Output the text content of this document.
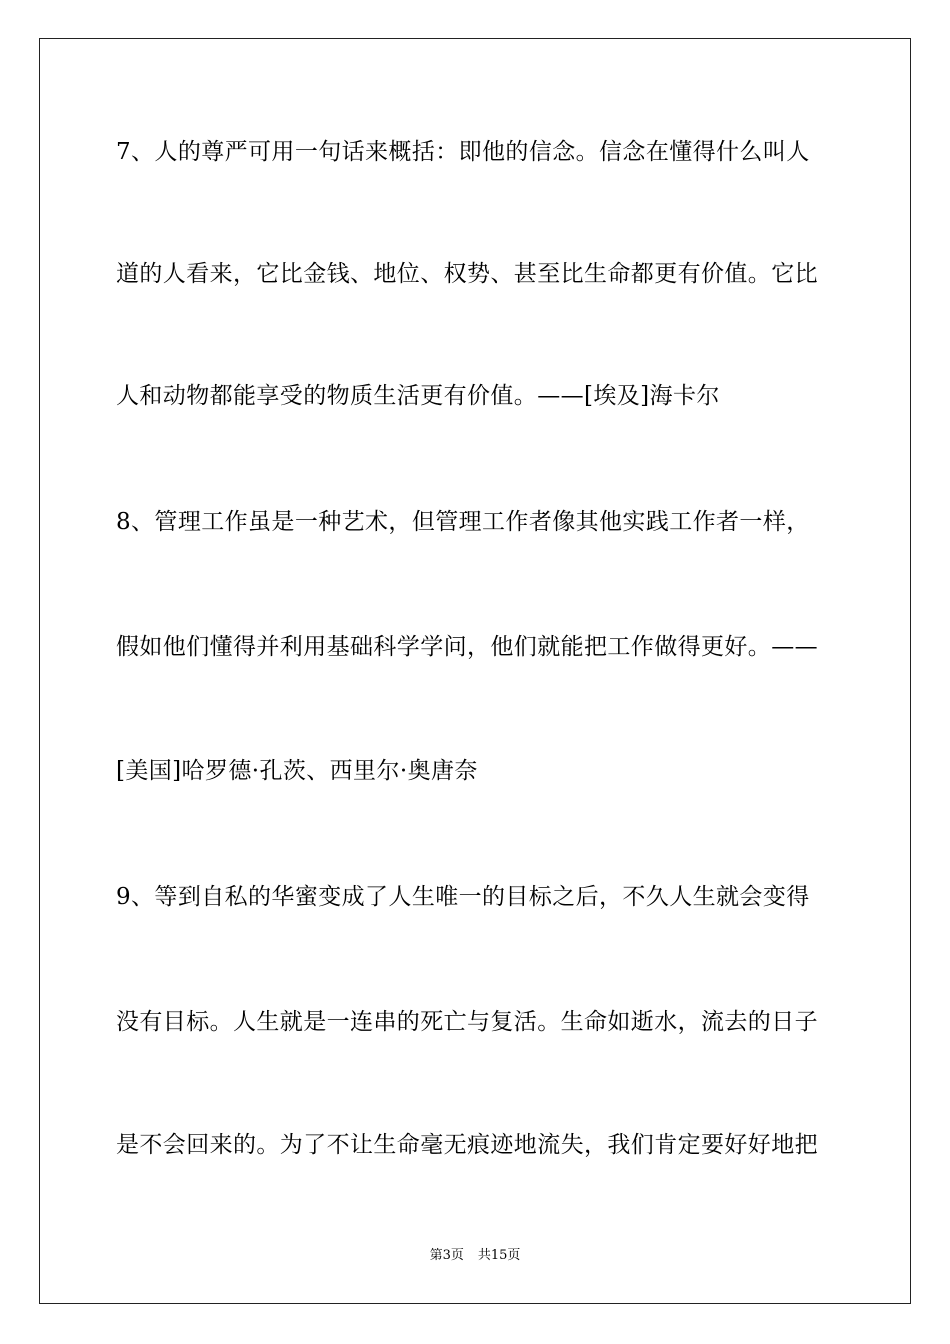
7、人的尊严可用一句话来概括：即他的信念。信念在懂得什么叫人
道的人看来，它比金钱、地位、权势、甚至比生命都更有价值。它比
人和动物都能享受的物质生活更有价值。——[埃及]海卡尔
8、管理工作虽是一种艺术，但管理工作者像其他实践工作者一样，
假如他们懂得并利用基础科学学问，他们就能把工作做得更好。——
[美国]哈罗德·孔茨、西里尔·奥唐奈
9、等到自私的华蜜变成了人生唯一的目标之后，不久人生就会变得
没有目标。人生就是一连串的死亡与复活。生命如逝水，流去的日子
是不会回来的。为了不让生命毫无痕迹地流失，我们肯定要好好地把
第3页 共15页
